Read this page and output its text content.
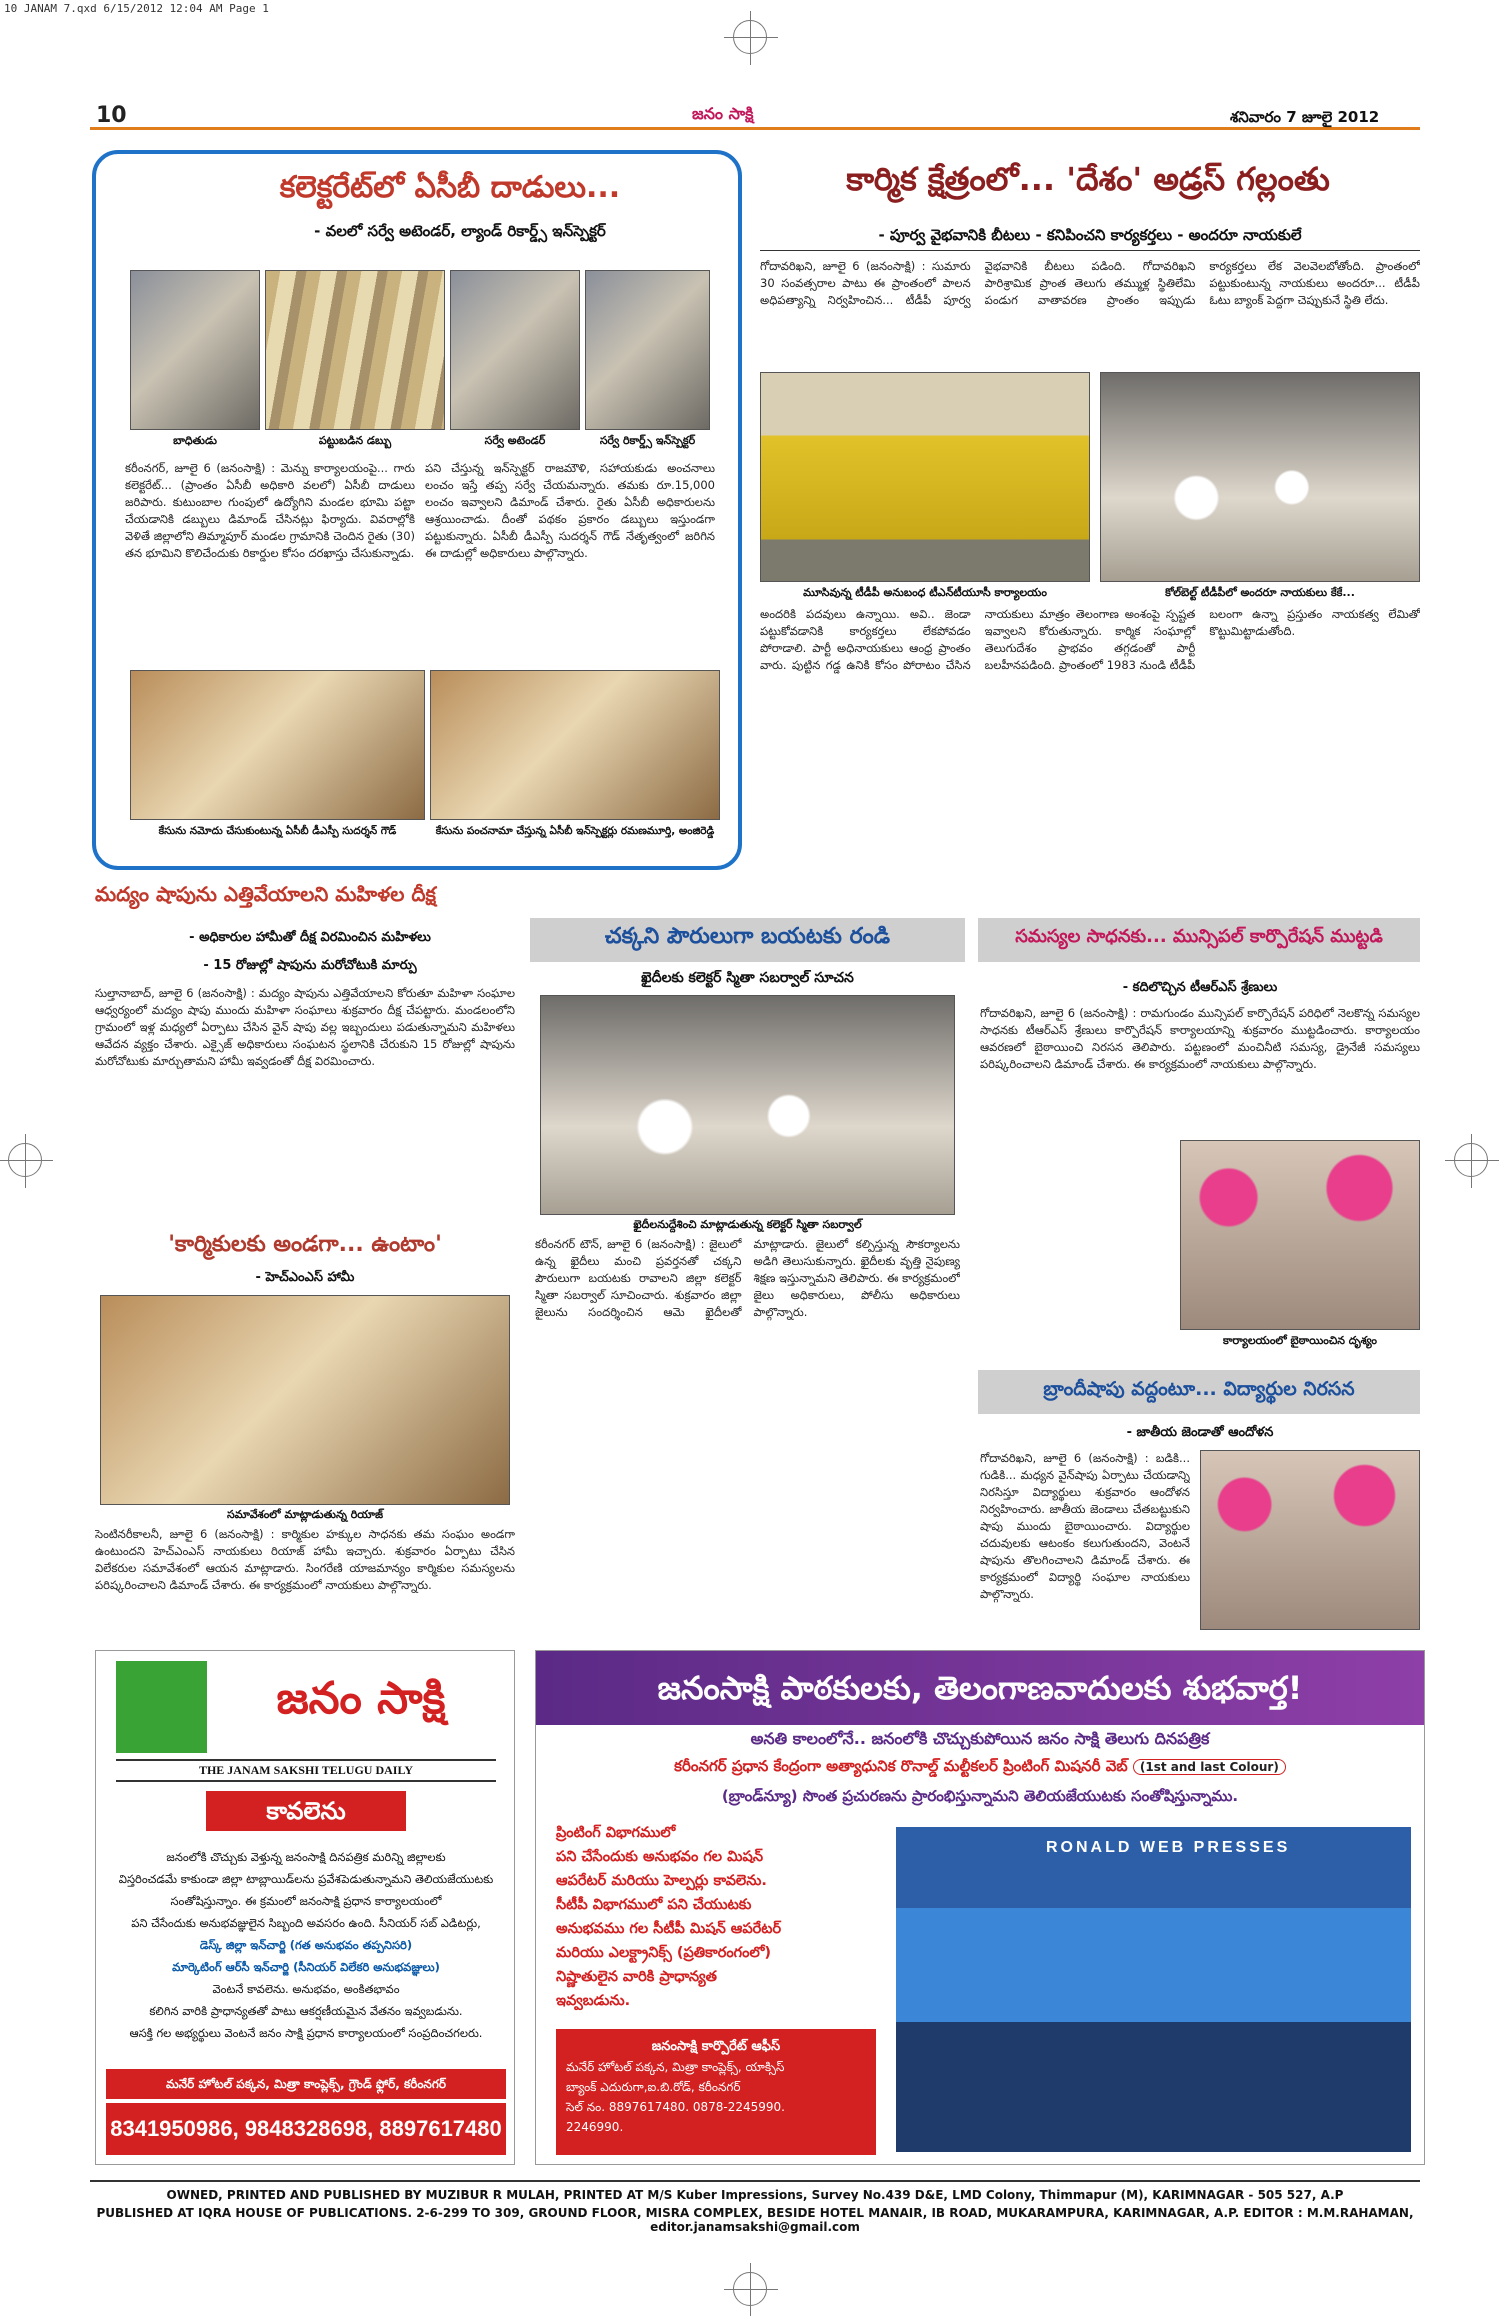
10 JANAM 7.qxd 6/15/2012 12:04 AM Page 1
10	జనం సాక్షి	శనివారం 7 జూలై 2012
కలెక్టరేట్‌లో ఏసీబీ దాడులు...
- వలలో సర్వే అటెండర్‌, ల్యాండ్‌ రికార్డ్స్‌ ఇన్‌స్పెక్టర్‌
బాధితుడు	పట్టుబడిన డబ్బు	సర్వే అటెండర్‌	సర్వే రికార్డ్స్‌ ఇన్‌స్పెక్టర్‌
కరీంనగర్‌, జూలై 6 (జనంసాక్షి) : మెన్ను కార్యాలయంపై... గారు కలెక్టరేట్‌... (ప్రాంతం ఏసీబీ అధికారి వలలో) ఏసీబీ దాడులు జరిపారు. కుటుంబాల గుంపులో ఉద్యోగిని మండల భూమి పట్టా చేయడానికి డబ్బులు డిమాండ్‌ చేసినట్లు ఫిర్యాదు. వివరాల్లోకి వెళితే జిల్లాలోని తిమ్మాపూర్‌ మండల గ్రామానికి చెందిన రైతు (30) తన భూమిని కొలిచేందుకు రికార్డుల కోసం దరఖాస్తు చేసుకున్నాడు.
పని చేస్తున్న ఇన్‌స్పెక్టర్‌ రాజమౌళి, సహాయకుడు అంచనాలు లంచం ఇస్తే తప్ప సర్వే చేయమన్నారు. తమకు రూ.15,000 లంచం ఇవ్వాలని డిమాండ్‌ చేశారు. రైతు ఏసీబీ అధికారులను ఆశ్రయించాడు. దీంతో పథకం ప్రకారం డబ్బులు ఇస్తుండగా పట్టుకున్నారు. ఏసీబీ డీఎస్పీ సుదర్శన్‌ గౌడ్‌ నేతృత్వంలో జరిగిన ఈ దాడుల్లో అధికారులు పాల్గొన్నారు.
కేసును నమోదు చేసుకుంటున్న ఏసీబీ డీఎస్పీ సుదర్శన్‌ గౌడ్‌	కేసును పంచనామా చేస్తున్న ఏసీబీ ఇన్‌స్పెక్టర్లు రమణమూర్తి, అంజిరెడ్డి
కార్మిక క్షేత్రంలో... 'దేశం' అడ్రస్‌ గల్లంతు
- పూర్వ వైభవానికి బీటలు - కనిపించని కార్యకర్తలు - అందరూ నాయకులే
గోదావరిఖని, జూలై 6 (జనంసాక్షి) : సుమారు 30 సంవత్సరాల పాటు ఈ ప్రాంతంలో పాలన అధిపత్యాన్ని నిర్వహించిన... టీడీపీ పూర్వ వైభవానికి బీటలు పడింది. గోదావరిఖని పారిశ్రామిక ప్రాంత తెలుగు తమ్ముళ్ల స్థితిలేమి పండుగ వాతావరణ ప్రాంతం ఇప్పుడు కార్యకర్తలు లేక వెలవెలబోతోంది. ప్రాంతంలో పట్టుకుంటున్న నాయకులు అందరూ... టీడీపీ ఓటు బ్యాంక్‌ పెద్దగా చెప్పుకునే స్థితి లేదు.
మూసివున్న టీడీపీ అనుబంధ టీఎన్‌టీయూసీ కార్యాలయం	కోల్‌బెల్ట్‌ టీడీపీలో అందరూ నాయకులు కేకే...
అందరికి పదవులు ఉన్నాయి. అవి.. జెండా పట్టుకోవడానికి కార్యకర్తలు లేకపోవడం పోరాడాలి. పార్టీ అధినాయకులు ఆంధ్ర ప్రాంతం వారు. పుట్టిన గడ్డ ఉనికి కోసం పోరాటం చేసిన నాయకులు మాత్రం తెలంగాణ అంశంపై స్పష్టత ఇవ్వాలని కోరుతున్నారు. కార్మిక సంఘాల్లో తెలుగుదేశం ప్రాభవం తగ్గడంతో పార్టీ బలహీనపడింది. ప్రాంతంలో 1983 నుండి టీడీపీ బలంగా ఉన్నా ప్రస్తుతం నాయకత్వ లేమితో కొట్టుమిట్టాడుతోంది.
మద్యం షాపును ఎత్తివేయాలని మహిళల దీక్ష
- అధికారుల హామీతో దీక్ష విరమించిన మహిళలు
- 15 రోజుల్లో షాపును మరోచోటుకి మార్పు
సుల్తానాబాద్‌, జూలై 6 (జనంసాక్షి) : మద్యం షాపును ఎత్తివేయాలని కోరుతూ మహిళా సంఘాల ఆధ్వర్యంలో మద్యం షాపు ముందు మహిళా సంఘాలు శుక్రవారం దీక్ష చేపట్టారు. మండలంలోని గ్రామంలో ఇళ్ల మధ్యలో ఏర్పాటు చేసిన వైన్‌ షాపు వల్ల ఇబ్బందులు పడుతున్నామని మహిళలు ఆవేదన వ్యక్తం చేశారు. ఎక్సైజ్‌ అధికారులు సంఘటన స్థలానికి చేరుకుని 15 రోజుల్లో షాపును మరోచోటుకు మార్చుతామని హామీ ఇవ్వడంతో దీక్ష విరమించారు.
'కార్మికులకు అండగా... ఉంటాం'
- హెచ్‌ఎంఎస్‌ హామీ
సమావేశంలో మాట్లాడుతున్న రియాజ్‌
సెంటినరీకాలనీ, జూలై 6 (జనంసాక్షి) : కార్మికుల హక్కుల సాధనకు తమ సంఘం అండగా ఉంటుందని హెచ్‌ఎంఎస్‌ నాయకులు రియాజ్‌ హామీ ఇచ్చారు. శుక్రవారం ఏర్పాటు చేసిన విలేకరుల సమావేశంలో ఆయన మాట్లాడారు. సింగరేణి యాజమాన్యం కార్మికుల సమస్యలను పరిష్కరించాలని డిమాండ్‌ చేశారు. ఈ కార్యక్రమంలో నాయకులు పాల్గొన్నారు.
చక్కని పౌరులుగా బయటకు రండి
ఖైదీలకు కలెక్టర్‌ స్మితా సబర్వాల్‌ సూచన
ఖైదీలనుద్దేశించి మాట్లాడుతున్న కలెక్టర్‌ స్మితా సబర్వాల్‌
కరీంనగర్‌ టౌన్‌, జూలై 6 (జనంసాక్షి) : జైలులో ఉన్న ఖైదీలు మంచి ప్రవర్తనతో చక్కని పౌరులుగా బయటకు రావాలని జిల్లా కలెక్టర్‌ స్మితా సబర్వాల్‌ సూచించారు. శుక్రవారం జిల్లా జైలును సందర్శించిన ఆమె ఖైదీలతో మాట్లాడారు. జైలులో కల్పిస్తున్న సౌకర్యాలను అడిగి తెలుసుకున్నారు. ఖైదీలకు వృత్తి నైపుణ్య శిక్షణ ఇస్తున్నామని తెలిపారు. ఈ కార్యక్రమంలో జైలు అధికారులు, పోలీసు అధికారులు పాల్గొన్నారు.
సమస్యల సాధనకు... మున్సిపల్‌ కార్పొరేషన్‌ ముట్టడి
- కదిలొచ్చిన టీఆర్‌ఎస్‌ శ్రేణులు
గోదావరిఖని, జూలై 6 (జనంసాక్షి) : రామగుండం మున్సిపల్‌ కార్పొరేషన్‌ పరిధిలో నెలకొన్న సమస్యల సాధనకు టీఆర్‌ఎస్‌ శ్రేణులు కార్పొరేషన్‌ కార్యాలయాన్ని శుక్రవారం ముట్టడించారు. కార్యాలయం ఆవరణలో బైఠాయించి నిరసన తెలిపారు. పట్టణంలో మంచినీటి సమస్య, డ్రైనేజీ సమస్యలు పరిష్కరించాలని డిమాండ్‌ చేశారు. ఈ కార్యక్రమంలో నాయకులు పాల్గొన్నారు.
కార్యాలయంలో బైఠాయించిన దృశ్యం
బ్రాందీషాపు వద్దంటూ... విద్యార్థుల నిరసన
- జాతీయ జెండాతో ఆందోళన
గోదావరిఖని, జూలై 6 (జనంసాక్షి) : బడికి... గుడికి... మధ్యన వైన్‌షాపు ఏర్పాటు చేయడాన్ని నిరసిస్తూ విద్యార్థులు శుక్రవారం ఆందోళన నిర్వహించారు. జాతీయ జెండాలు చేతబట్టుకుని షాపు ముందు బైఠాయించారు. విద్యార్థుల చదువులకు ఆటంకం కలుగుతుందని, వెంటనే షాపును తొలగించాలని డిమాండ్‌ చేశారు. ఈ కార్యక్రమంలో విద్యార్థి సంఘాల నాయకులు పాల్గొన్నారు.
జనం సాక్షి
THE JANAM SAKSHI TELUGU DAILY
కావలెను
జనంలోకి చొచ్చుకు వెళ్తున్న జనంసాక్షి దినపత్రిక మరిన్ని జిల్లాలకు
విస్తరించడమే కాకుండా జిల్లా టాబ్లాయిడ్‌లను ప్రవేశపెడుతున్నామని తెలియజేయుటకు
సంతోషిస్తున్నాం. ఈ క్రమంలో జనంసాక్షి ప్రధాన కార్యాలయంలో
పని చేసేందుకు అనుభవజ్ఞులైన సిబ్బంది అవసరం ఉంది. సీనియర్‌ సబ్‌ ఎడిటర్లు,
డెస్క్‌ జిల్లా ఇన్‌చార్జి (గత అనుభవం తప్పనిసరి)
మార్కెటింగ్‌ ఆర్‌సీ ఇన్‌చార్జి (సీనియర్‌ విలేకరి అనుభవజ్ఞులు)
వెంటనే కావలెను. అనుభవం, అంకితభావం
కలిగిన వారికి ప్రాధాన్యతతో పాటు ఆకర్షణీయమైన వేతనం ఇవ్వబడును.
ఆసక్తి గల అభ్యర్థులు వెంటనే జనం సాక్షి ప్రధాన కార్యాలయంలో సంప్రదించగలరు.
మనేర్‌ హోటల్‌ పక్కన, మిత్రా కాంప్లెక్స్‌, గ్రౌండ్‌ ఫ్లోర్‌, కరీంనగర్‌
8341950986, 9848328698, 8897617480
జనంసాక్షి పాఠకులకు, తెలంగాణవాదులకు శుభవార్త!
అనతి కాలంలోనే.. జనంలోకి చొచ్చుకుపోయిన జనం సాక్షి తెలుగు దినపత్రిక
కరీంనగర్‌ ప్రధాన కేంద్రంగా అత్యాధునిక రొనాల్డ్‌ మల్టీకలర్‌ ప్రింటింగ్‌ మిషనరీ వెబ్‌ (1st and last Colour)
(బ్రాండ్‌న్యూ) సొంత ప్రచురణను ప్రారంభిస్తున్నామని తెలియజేయుటకు సంతోషిస్తున్నాము.
ప్రింటింగ్‌ విభాగములో
పని చేసేందుకు అనుభవం గల మిషన్‌
ఆపరేటర్‌ మరియు హెల్పర్లు కావలెను.
సీటీపీ విభాగములో పని చేయుటకు
అనుభవము గల సీటీపీ మిషన్‌ ఆపరేటర్‌
మరియు ఎలక్ట్రానిక్స్‌ (ప్రతికారంగంలో)
నిష్ణాతులైన వారికి ప్రాధాన్యత
ఇవ్వబడును.
జనంసాక్షి కార్పొరేట్‌ ఆఫీస్‌
మనేర్‌ హోటల్‌ పక్కన, మిత్రా కాంప్లెక్స్‌, యాక్సిస్‌
బ్యాంక్‌ ఎదురుగా,ఐ.బి.రోడ్‌, కరీంనగర్‌
సెల్‌ నం. 8897617480. 0878-2245990.
2246990.
RONALD WEB PRESSES
OWNED, PRINTED AND PUBLISHED BY MUZIBUR R MULAH, PRINTED AT M/S Kuber Impressions, Survey No.439 D&E, LMD Colony, Thimmapur (M), KARIMNAGAR - 505 527, A.P
PUBLISHED AT IQRA HOUSE OF PUBLICATIONS. 2-6-299 TO 309, GROUND FLOOR, MISRA COMPLEX, BESIDE HOTEL MANAIR, IB ROAD, MUKARAMPURA, KARIMNAGAR, A.P. EDITOR : M.M.RAHAMAN, editor.janamsakshi@gmail.com
